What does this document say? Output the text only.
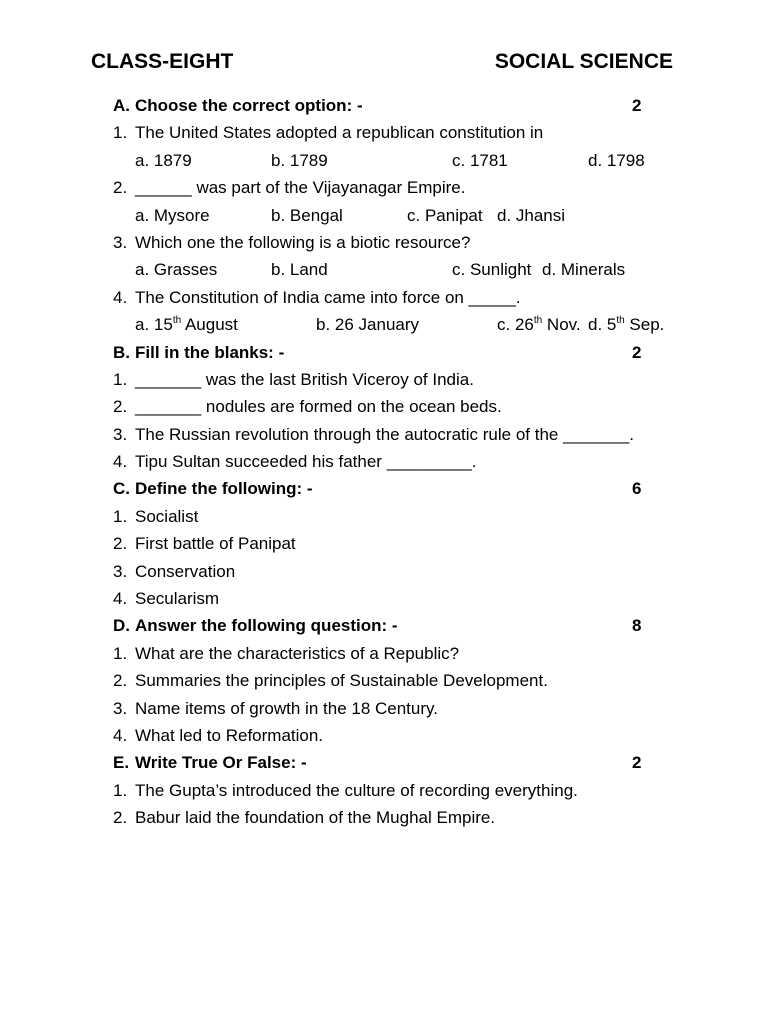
CLASS-EIGHT	SOCIAL SCIENCE
A. Choose the correct option: -	2
1. The United States adopted a republican constitution in
a. 1879	b. 1789	c. 1781	d. 1798
2. ______ was part of the Vijayanagar Empire.
a. Mysore	b. Bengal	c. Panipat d. Jhansi
3. Which one the following is a biotic resource?
a. Grasses	b. Land	c. Sunlight d. Minerals
4. The Constitution of India came into force on _____.
a. 15th August	b. 26 January	c. 26th Nov. d. 5th Sep.
B. Fill in the blanks: -	2
1. _______ was the last British Viceroy of India.
2. _______ nodules are formed on the ocean beds.
3. The Russian revolution through the autocratic rule of the _______.
4. Tipu Sultan succeeded his father _________.
C. Define the following: -	6
1. Socialist
2. First battle of Panipat
3. Conservation
4. Secularism
D. Answer the following question: -	8
1. What are the characteristics of a Republic?
2. Summaries the principles of Sustainable Development.
3. Name items of growth in the 18 Century.
4. What led to Reformation.
E. Write True Or False: -	2
1. The Gupta’s introduced the culture of recording everything.
2. Babur laid the foundation of the Mughal Empire.
